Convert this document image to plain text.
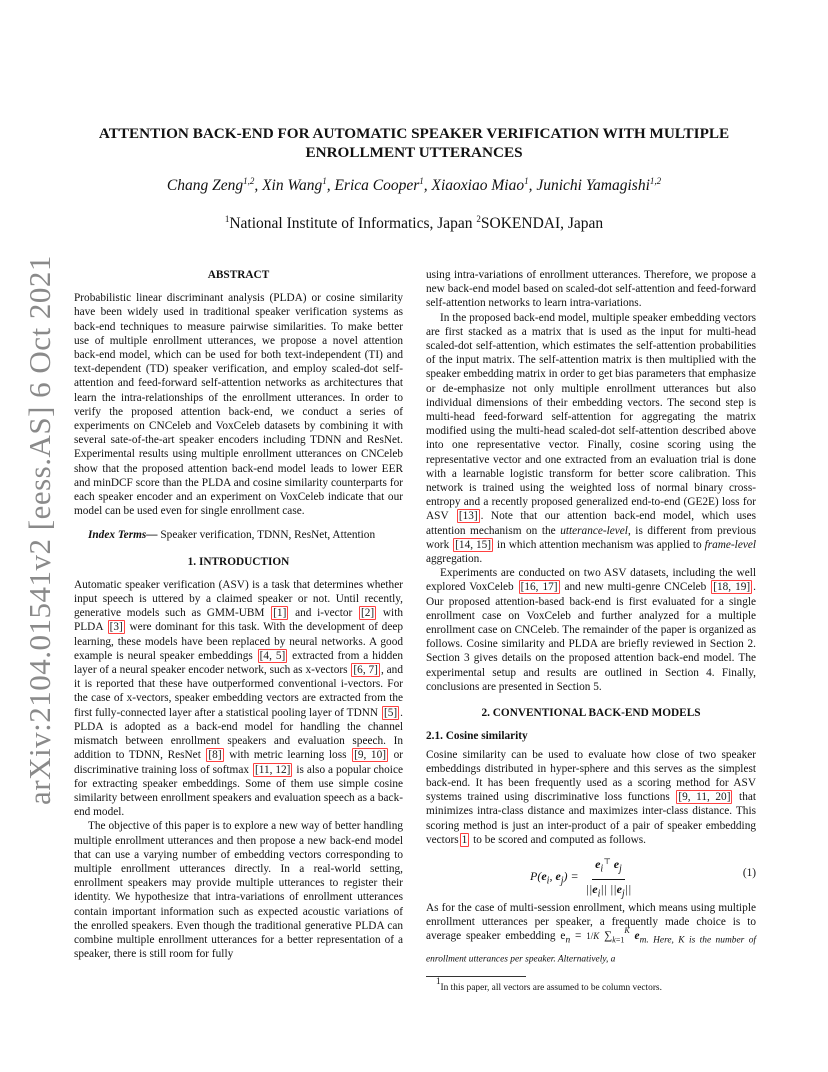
arXiv:2104.01541v2 [eess.AS] 6 Oct 2021
ATTENTION BACK-END FOR AUTOMATIC SPEAKER VERIFICATION WITH MULTIPLE ENROLLMENT UTTERANCES
Chang Zeng$^{1,2}$, Xin Wang$^1$, Erica Cooper$^1$, Xiaoxiao Miao$^1$, Junichi Yamagishi$^{1,2}$
$^1$National Institute of Informatics, Japan $^2$SOKENDAI, Japan
ABSTRACT

Probabilistic linear discriminant analysis (PLDA) or cosine similarity have been widely used in traditional speaker verification systems as back-end techniques to measure pairwise similarities. To make better use of multiple enrollment utterances, we propose a novel attention back-end model, which can be used for both text-independent (TI) and text-dependent (TD) speaker verification, and employ scaled-dot self-attention and feed-forward self-attention networks as architectures that learn the intra-relationships of the enrollment utterances. In order to verify the proposed attention back-end, we conduct a series of experiments on CNCeleb and VoxCeleb datasets by combining it with several sate-of-the-art speaker encoders including TDNN and ResNet. Experimental results using multiple enrollment utterances on CNCeleb show that the proposed attention back-end model leads to lower EER and minDCF score than the PLDA and cosine similarity counterparts for each speaker encoder and an experiment on VoxCeleb indicate that our model can be used even for single enrollment case.

Index Terms— Speaker verification, TDNN, ResNet, Attention

1. INTRODUCTION

Automatic speaker verification (ASV) is a task that determines whether input speech is uttered by a claimed speaker or not. Until recently, generative models such as GMM-UBM [1] and i-vector [2] with PLDA [3] were dominant for this task. With the development of deep learning, these models have been replaced by neural networks. A good example is neural speaker embeddings [4, 5] extracted from a hidden layer of a neural speaker encoder network, such as x-vectors [6, 7] , and it is reported that these have outperformed conventional i-vectors. For the case of x-vectors, speaker embedding vectors are extracted from the first fully-connected layer after a statistical pooling layer of TDNN [5] . PLDA is adopted as a back-end model for handling the channel mismatch between enrollment speakers and evaluation speech. In addition to TDNN, ResNet [8] with metric learning loss [9, 10] or discriminative training loss of softmax [11, 12] is also a popular choice for extracting speaker embeddings. Some of them use simple cosine similarity between enrollment speakers and evaluation speech as a back-end model.

The objective of this paper is to explore a new way of better handling multiple enrollment utterances and then propose a new back-end model that can use a varying number of embedding vectors corresponding to multiple enrollment utterances directly. In a real-world setting, enrollment speakers may provide multiple utterances to register their identity. We hypothesize that intra-variations of enrollment utterances contain important information such as expected acoustic variations of the enrolled speakers. Even though the traditional generative PLDA can combine multiple enrollment utterances for a better representation of a speaker, there is still room for fully

using intra-variations of enrollment utterances. Therefore, we propose a new back-end model based on scaled-dot self-attention and feed-forward self-attention networks to learn intra-variations.

In the proposed back-end model, multiple speaker embedding vectors are first stacked as a matrix that is used as the input for multi-head scaled-dot self-attention, which estimates the self-attention probabilities of the input matrix. The self-attention matrix is then multiplied with the speaker embedding matrix in order to get bias parameters that emphasize or de-emphasize not only multiple enrollment utterances but also individual dimensions of their embedding vectors. The second step is multi-head feed-forward self-attention for aggregating the matrix modified using the multi-head scaled-dot self-attention described above into one representative vector. Finally, cosine scoring using the representative vector and one extracted from an evaluation trial is done with a learnable logistic transform for better score calibration. This network is trained using the weighted loss of normal binary cross-entropy and a recently proposed generalized end-to-end (GE2E) loss for ASV [13] . Note that our attention back-end model, which uses attention mechanism on the utterance-level, is different from previous work [14, 15] in which attention mechanism was applied to frame-level aggregation.

Experiments are conducted on two ASV datasets, including the well explored VoxCeleb [16, 17] and new multi-genre CNCeleb [18, 19] . Our proposed attention-based back-end is first evaluated for a single enrollment case on VoxCeleb and further analyzed for a multiple enrollment case on CNCeleb. The remainder of the paper is organized as follows. Cosine similarity and PLDA are briefly reviewed in Section 2. Section 3 gives details on the proposed attention back-end model. The experimental setup and results are outlined in Section 4. Finally, conclusions are presented in Section 5.

2. CONVENTIONAL BACK-END MODELS
2.1. Cosine similarity

Cosine similarity can be used to evaluate how close of two speaker embeddings distributed in hyper-sphere and this serves as the simplest back-end. It has been frequently used as a scoring method for ASV systems trained using discriminative loss functions [9, 11, 20] that minimizes intra-class distance and maximizes inter-class distance. This scoring method is just an inter-product of a pair of speaker embedding vectors 1 to be scored and computed as follows.

$P(e_i$, $e_j) = \frac{e_i^⊤ e_j}{||e_i|| ||e_j||}$	(1)

As for the case of multi-session enrollment, which means using multiple enrollment utterances per speaker, a frequently made choice is to average speaker embedding $e_n = 1/K$ $\sum_{k=1}^K$ $e_{m. Here, K is the number of enrollment utterances per speaker. Alternatively, a}$

$^1$In this paper, all vectors are assumed to be column vectors.
